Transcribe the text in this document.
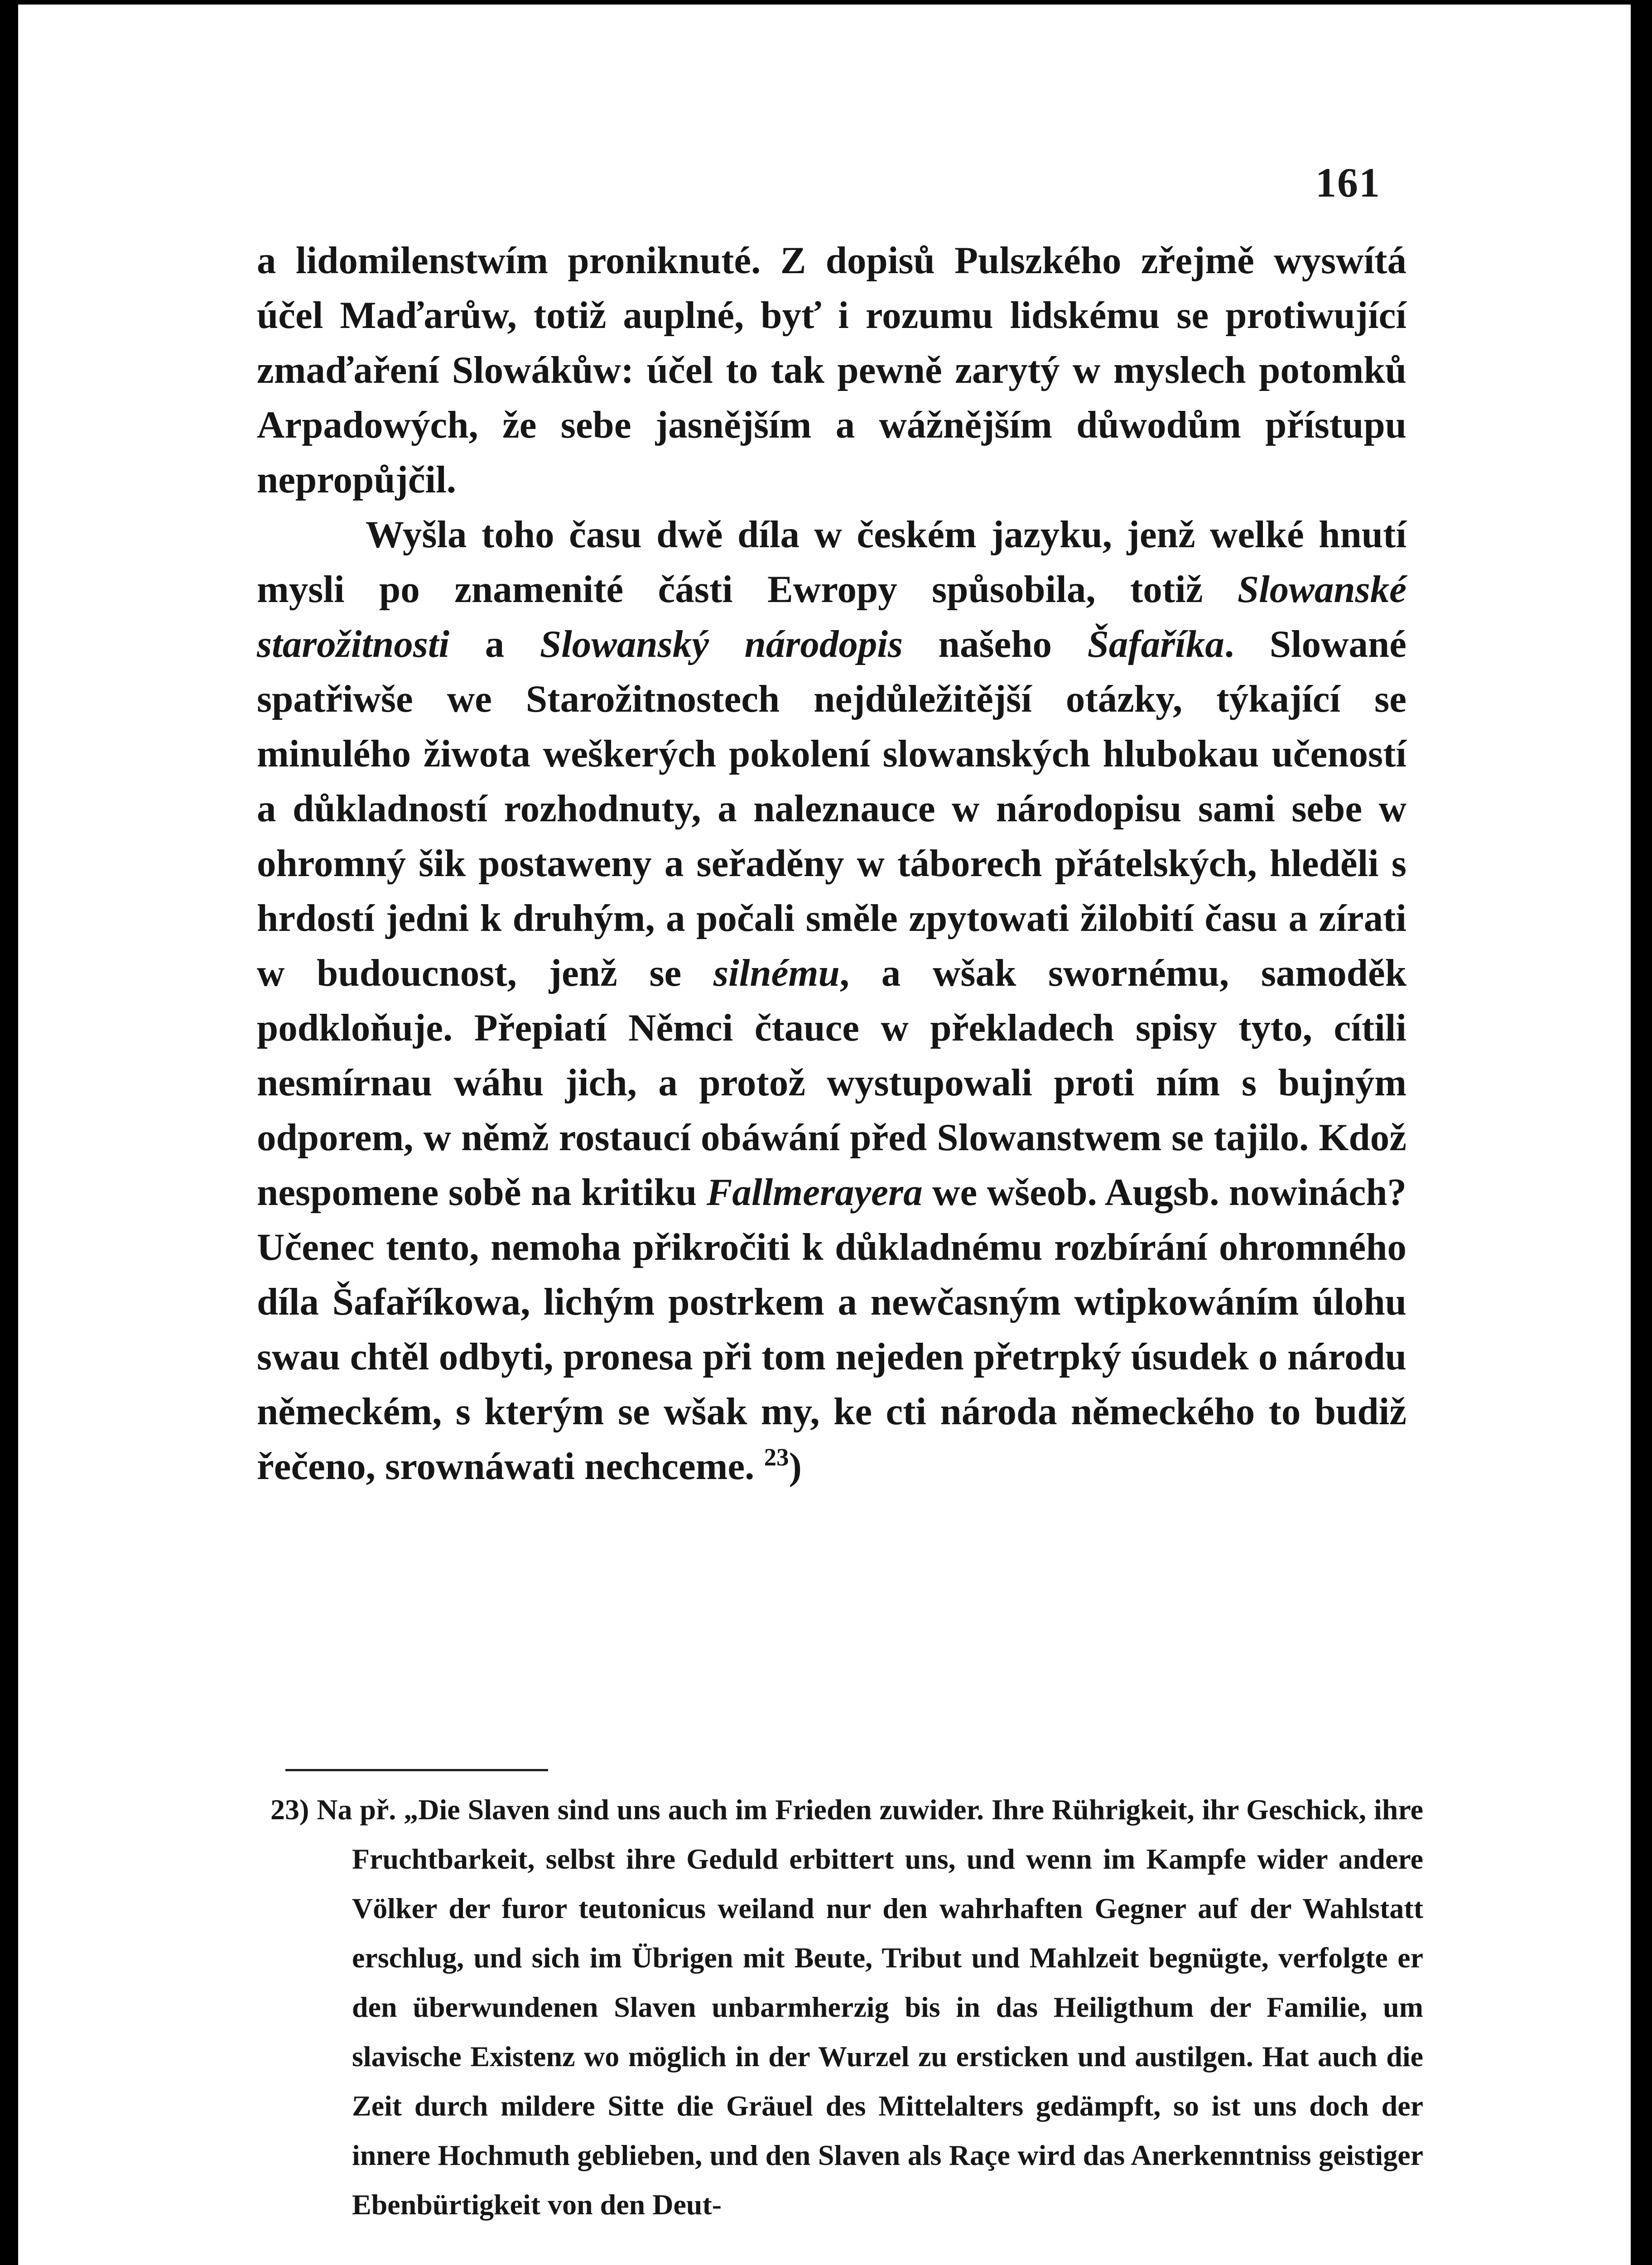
161

a lidomilenstwím proniknuté. Z dopisů Pulszkého zřejmě wyswítá účel Maďarůw, totiž auplné, byť i rozumu lidskému se protiwující zmaďaření Slowákůw: účel to tak pewně zarytý w myslech potomků Arpadowých, že sebe jasnějším a wážnějším důwodům přístupu nepropůjčil.

Wyšla toho času dwě díla w českém jazyku, jenž welké hnutí mysli po znamenité části Ewropy spůsobila, totiž Slowanské starožitnosti a Slowanský národopis našeho Šafaříka. Slowané spatřiwše we Starožitnostech nejdůležitější otázky, týkající se minulého žiwota weškerých pokolení slowanských hlubokau učeností a důkladností rozhodnuty, a naleznauce w národopisu sami sebe w ohromný šik postaweny a seřaděny w táborech přátelských, hleděli s hrdostí jedni k druhým, a počali směle zpytowati žilobití času a zírati w budoucnost, jenž se silnému, a wšak swornému, samoděk podkloňuje. Přepiatí Němci čtauce w překladech spisy tyto, cítili nesmírnau wáhu jich, a protož wystupowali proti ním s bujným odporem, w němž rostaucí obáwání před Slowanstwem se tajilo. Kdož nespomene sobě na kritiku Fallmerayera we wšeob. Augsb. nowinách? Učenec tento, nemoha přikročiti k důkladnému rozbírání ohromného díla Šafaříkowa, lichým postrkem a newčasným wtipkowáním úlohu swau chtěl odbyti, pronesa při tom nejeden přetrpký úsudek o národu německém, s kterým se wšak my, ke cti národa německého to budiž řečeno, srownáwati nechceme. $^{23}$)

23) Na př. „Die Slaven sind uns auch im Frieden zuwider. Ihre Rührigkeit, ihr Geschick, ihre Fruchtbarkeit, selbst ihre Geduld erbittert uns, und wenn im Kampfe wider andere Völker der furor teutonicus weiland nur den wahrhaften Gegner auf der Wahlstatt erschlug, und sich im Übrigen mit Beute, Tribut und Mahlzeit begnügte, verfolgte er den überwundenen Slaven unbarmherzig bis in das Heiligthum der Familie, um slavische Existenz wo möglich in der Wurzel zu ersticken und austilgen. Hat auch die Zeit durch mildere Sitte die Gräuel des Mittelalters gedämpft, so ist uns doch der innere Hochmuth geblieben, und den Slaven als Raçe wird das Anerkenntniss geistiger Ebenbürtigkeit von den Deut-
